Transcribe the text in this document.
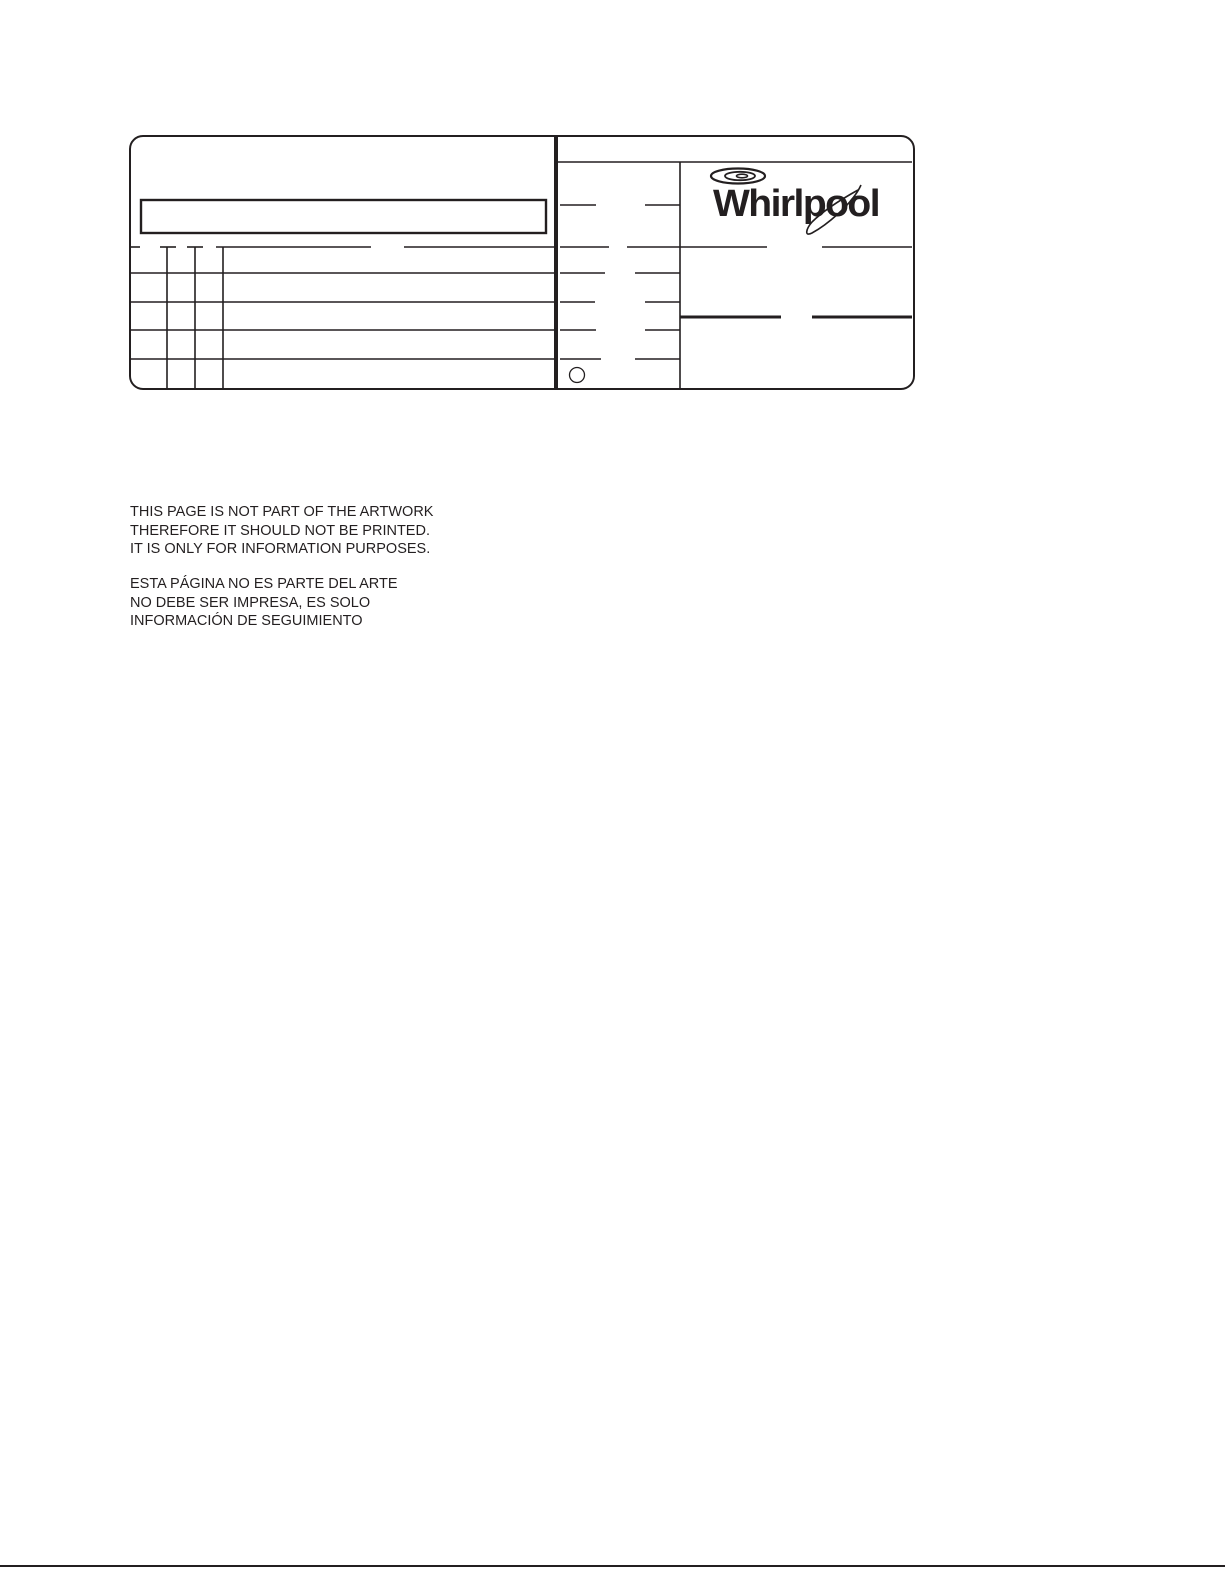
Whirlpool
THIS PAGE IS NOT PART OF THE ARTWORK
THEREFORE IT SHOULD NOT BE PRINTED.
IT IS ONLY FOR INFORMATION PURPOSES.
ESTA PÁGINA NO ES PARTE DEL ARTE
NO DEBE SER IMPRESA, ES SOLO
INFORMACIÓN DE SEGUIMIENTO
